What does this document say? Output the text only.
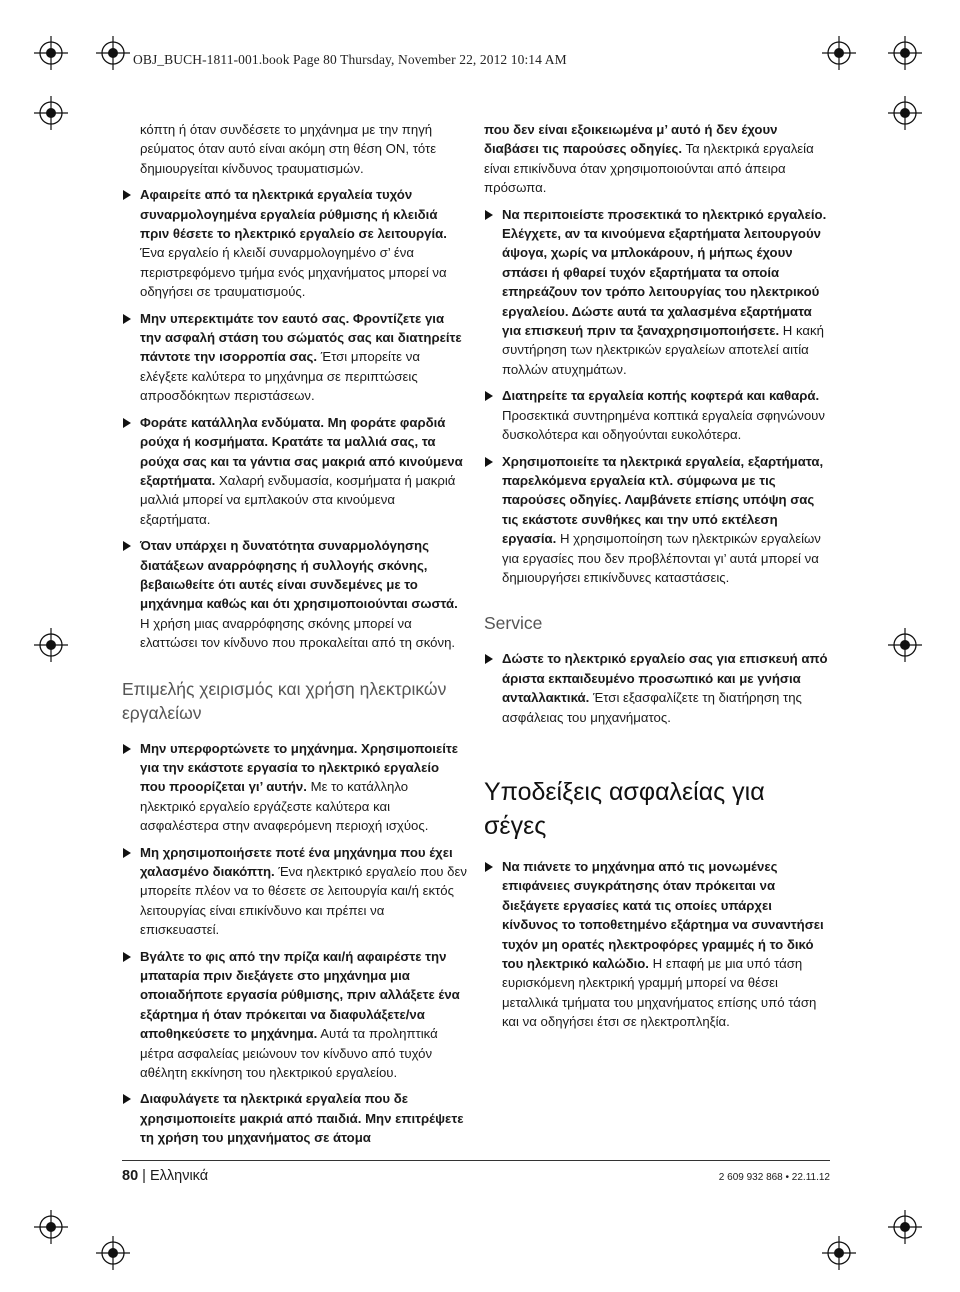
OBJ_BUCH-1811-001.book Page 80 Thursday, November 22, 2012 10:14 AM

κόπτη ή όταν συνδέσετε το μηχάνημα με την πηγή ρεύματος όταν αυτό είναι ακόμη στη θέση ON, τότε δημιουργείται κίνδυνος τραυματισμών.

Αφαιρείτε από τα ηλεκτρικά εργαλεία τυχόν συναρμολογημένα εργαλεία ρύθμισης ή κλειδιά πριν θέσετε το ηλεκτρικό εργαλείο σε λειτουργία. Ένα εργαλείο ή κλειδί συναρμολογημένο σ’ ένα περιστρεφόμενο τμήμα ενός μηχανήματος μπορεί να οδηγήσει σε τραυματισμούς.
Μην υπερεκτιμάτε τον εαυτό σας. Φροντίζετε για την ασφαλή στάση του σώματός σας και διατηρείτε πάντοτε την ισορροπία σας. Έτσι μπορείτε να ελέγξετε καλύτερα το μηχάνημα σε περιπτώσεις απροσδόκητων περιστάσεων.
Φοράτε κατάλληλα ενδύματα. Μη φοράτε φαρδιά ρούχα ή κοσμήματα. Κρατάτε τα μαλλιά σας, τα ρούχα σας και τα γάντια σας μακριά από κινούμενα εξαρτήματα. Χαλαρή ενδυμασία, κοσμήματα ή μακριά μαλλιά μπορεί να εμπλακούν στα κινούμενα εξαρτήματα.
Όταν υπάρχει η δυνατότητα συναρμολόγησης διατάξεων αναρρόφησης ή συλλογής σκόνης, βεβαιωθείτε ότι αυτές είναι συνδεμένες με το μηχάνημα καθώς και ότι χρησιμοποιούνται σωστά. Η χρήση μιας αναρρόφησης σκόνης μπορεί να ελαττώσει τον κίνδυνο που προκαλείται από τη σκόνη.
Επιμελής χειρισμός και χρήση ηλεκτρικών εργαλείων
Μην υπερφορτώνετε το μηχάνημα. Χρησιμοποιείτε για την εκάστοτε εργασία το ηλεκτρικό εργαλείο που προορίζεται γι’ αυτήν. Με το κατάλληλο ηλεκτρικό εργαλείο εργάζεστε καλύτερα και ασφαλέστερα στην αναφερόμενη περιοχή ισχύος.
Μη χρησιμοποιήσετε ποτέ ένα μηχάνημα που έχει χαλασμένο διακόπτη. Ένα ηλεκτρικό εργαλείο που δεν μπορείτε πλέον να το θέσετε σε λειτουργία και/ή εκτός λειτουργίας είναι επικίνδυνο και πρέπει να επισκευαστεί.
Βγάλτε το φις από την πρίζα και/ή αφαιρέστε την μπαταρία πριν διεξάγετε στο μηχάνημα μια οποιαδήποτε εργασία ρύθμισης, πριν αλλάξετε ένα εξάρτημα ή όταν πρόκειται να διαφυλάξετε/να αποθηκεύσετε το μηχάνημα. Αυτά τα προληπτικά μέτρα ασφαλείας μειώνουν τον κίνδυνο από τυχόν αθέλητη εκκίνηση του ηλεκτρικού εργαλείου.
Διαφυλάγετε τα ηλεκτρικά εργαλεία που δε χρησιμοποιείτε μακριά από παιδιά. Μην επιτρέψετε τη χρήση του μηχανήματος σε άτομα

που δεν είναι εξοικειωμένα μ’ αυτό ή δεν έχουν διαβάσει τις παρούσες οδηγίες. Τα ηλεκτρικά εργαλεία είναι επικίνδυνα όταν χρησιμοποιούνται από άπειρα πρόσωπα.

Να περιποιείστε προσεκτικά το ηλεκτρικό εργαλείο. Ελέγχετε, αν τα κινούμενα εξαρτήματα λειτουργούν άψογα, χωρίς να μπλοκάρουν, ή μήπως έχουν σπάσει ή φθαρεί τυχόν εξαρτήματα τα οποία επηρεάζουν τον τρόπο λειτουργίας του ηλεκτρικού εργαλείου. Δώστε αυτά τα χαλασμένα εξαρτήματα για επισκευή πριν τα ξαναχρησιμοποιήσετε. Η κακή συντήρηση των ηλεκτρικών εργαλείων αποτελεί αιτία πολλών ατυχημάτων.
Διατηρείτε τα εργαλεία κοπής κοφτερά και καθαρά. Προσεκτικά συντηρημένα κοπτικά εργαλεία σφηνώνουν δυσκολότερα και οδηγούνται ευκολότερα.
Χρησιμοποιείτε τα ηλεκτρικά εργαλεία, εξαρτήματα, παρελκόμενα εργαλεία κτλ. σύμφωνα με τις παρούσες οδηγίες. Λαμβάνετε επίσης υπόψη σας τις εκάστοτε συνθήκες και την υπό εκτέλεση εργασία. Η χρησιμοποίηση των ηλεκτρικών εργαλείων για εργασίες που δεν προβλέπονται γι’ αυτά μπορεί να δημιουργήσει επικίνδυνες καταστάσεις.
Service
Δώστε το ηλεκτρικό εργαλείο σας για επισκευή από άριστα εκπαιδευμένο προσωπικό και με γνήσια ανταλλακτικά. Έτσι εξασφαλίζετε τη διατήρηση της ασφάλειας του μηχανήματος.
Υποδείξεις ασφαλείας για σέγες
Να πιάνετε το μηχάνημα από τις μονωμένες επιφάνειες συγκράτησης όταν πρόκειται να διεξάγετε εργασίες κατά τις οποίες υπάρχει κίνδυνος το τοποθετημένο εξάρτημα να συναντήσει τυχόν μη ορατές ηλεκτροφόρες γραμμές ή το δικό του ηλεκτρικό καλώδιο. Η επαφή με μια υπό τάση ευρισκόμενη ηλεκτρική γραμμή μπορεί να θέσει μεταλλικά τμήματα του μηχανήματος επίσης υπό τάση και να οδηγήσει έτσι σε ηλεκτροπληξία.
80 | Ελληνικά	2 609 932 868 • 22.11.12
